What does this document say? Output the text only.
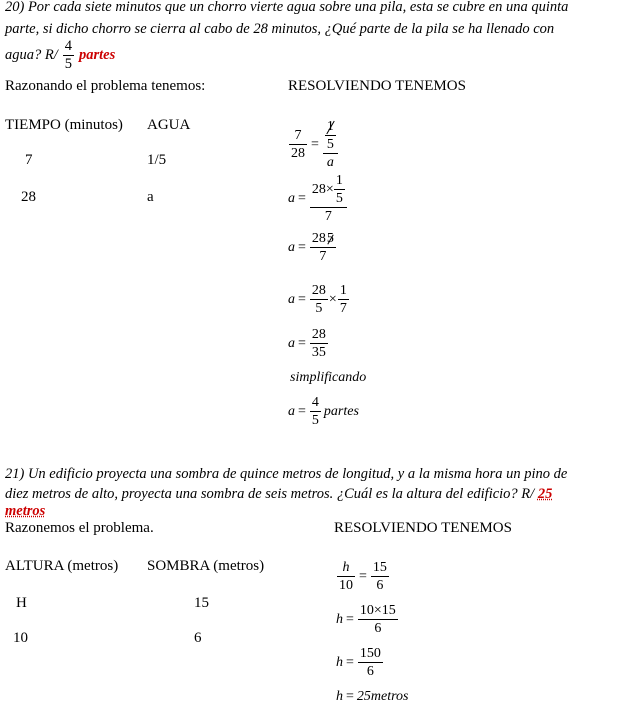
20) Por cada siete minutos que un chorro vierte agua sobre una pila, esta se cubre en una quinta
parte, si dicho chorro se cierra al cabo de 28 minutos, ¿Qué parte de la pila se ha llenado con
agua? $R/ \frac{4}{5}$ partes
Razonando el problema tenemos:	RESOLVIENDO TENEMOS
TIEMPO (minutos) AGUA
7	1/5
28	a
$\frac{7}{28} = \frac{\frac{1}{5}}{a}$
$a = \frac{28 \times \frac{1}{5}}{7}$
$a = \frac{28 5}{7}$
$a = \frac{28}{5} \times \frac{1}{7}$
$a = \frac{28}{35}$
simplificando
$a = \frac{4}{5}$ partes
21) Un edificio proyecta una sombra de quince metros de longitud, y a la misma hora un pino de
diez metros de alto, proyecta una sombra de seis metros. ¿Cuál es la altura del edificio? R/ 25
metros
Razonemos el problema.	RESOLVIENDO TENEMOS
ALTURA (metros) SOMBRA (metros)
H	15
10	6
$\frac{h}{10} = \frac{15}{6}$
$h = \frac{10\times 15}{6}$
$h = \frac{150}{6}$
h = 25metros
